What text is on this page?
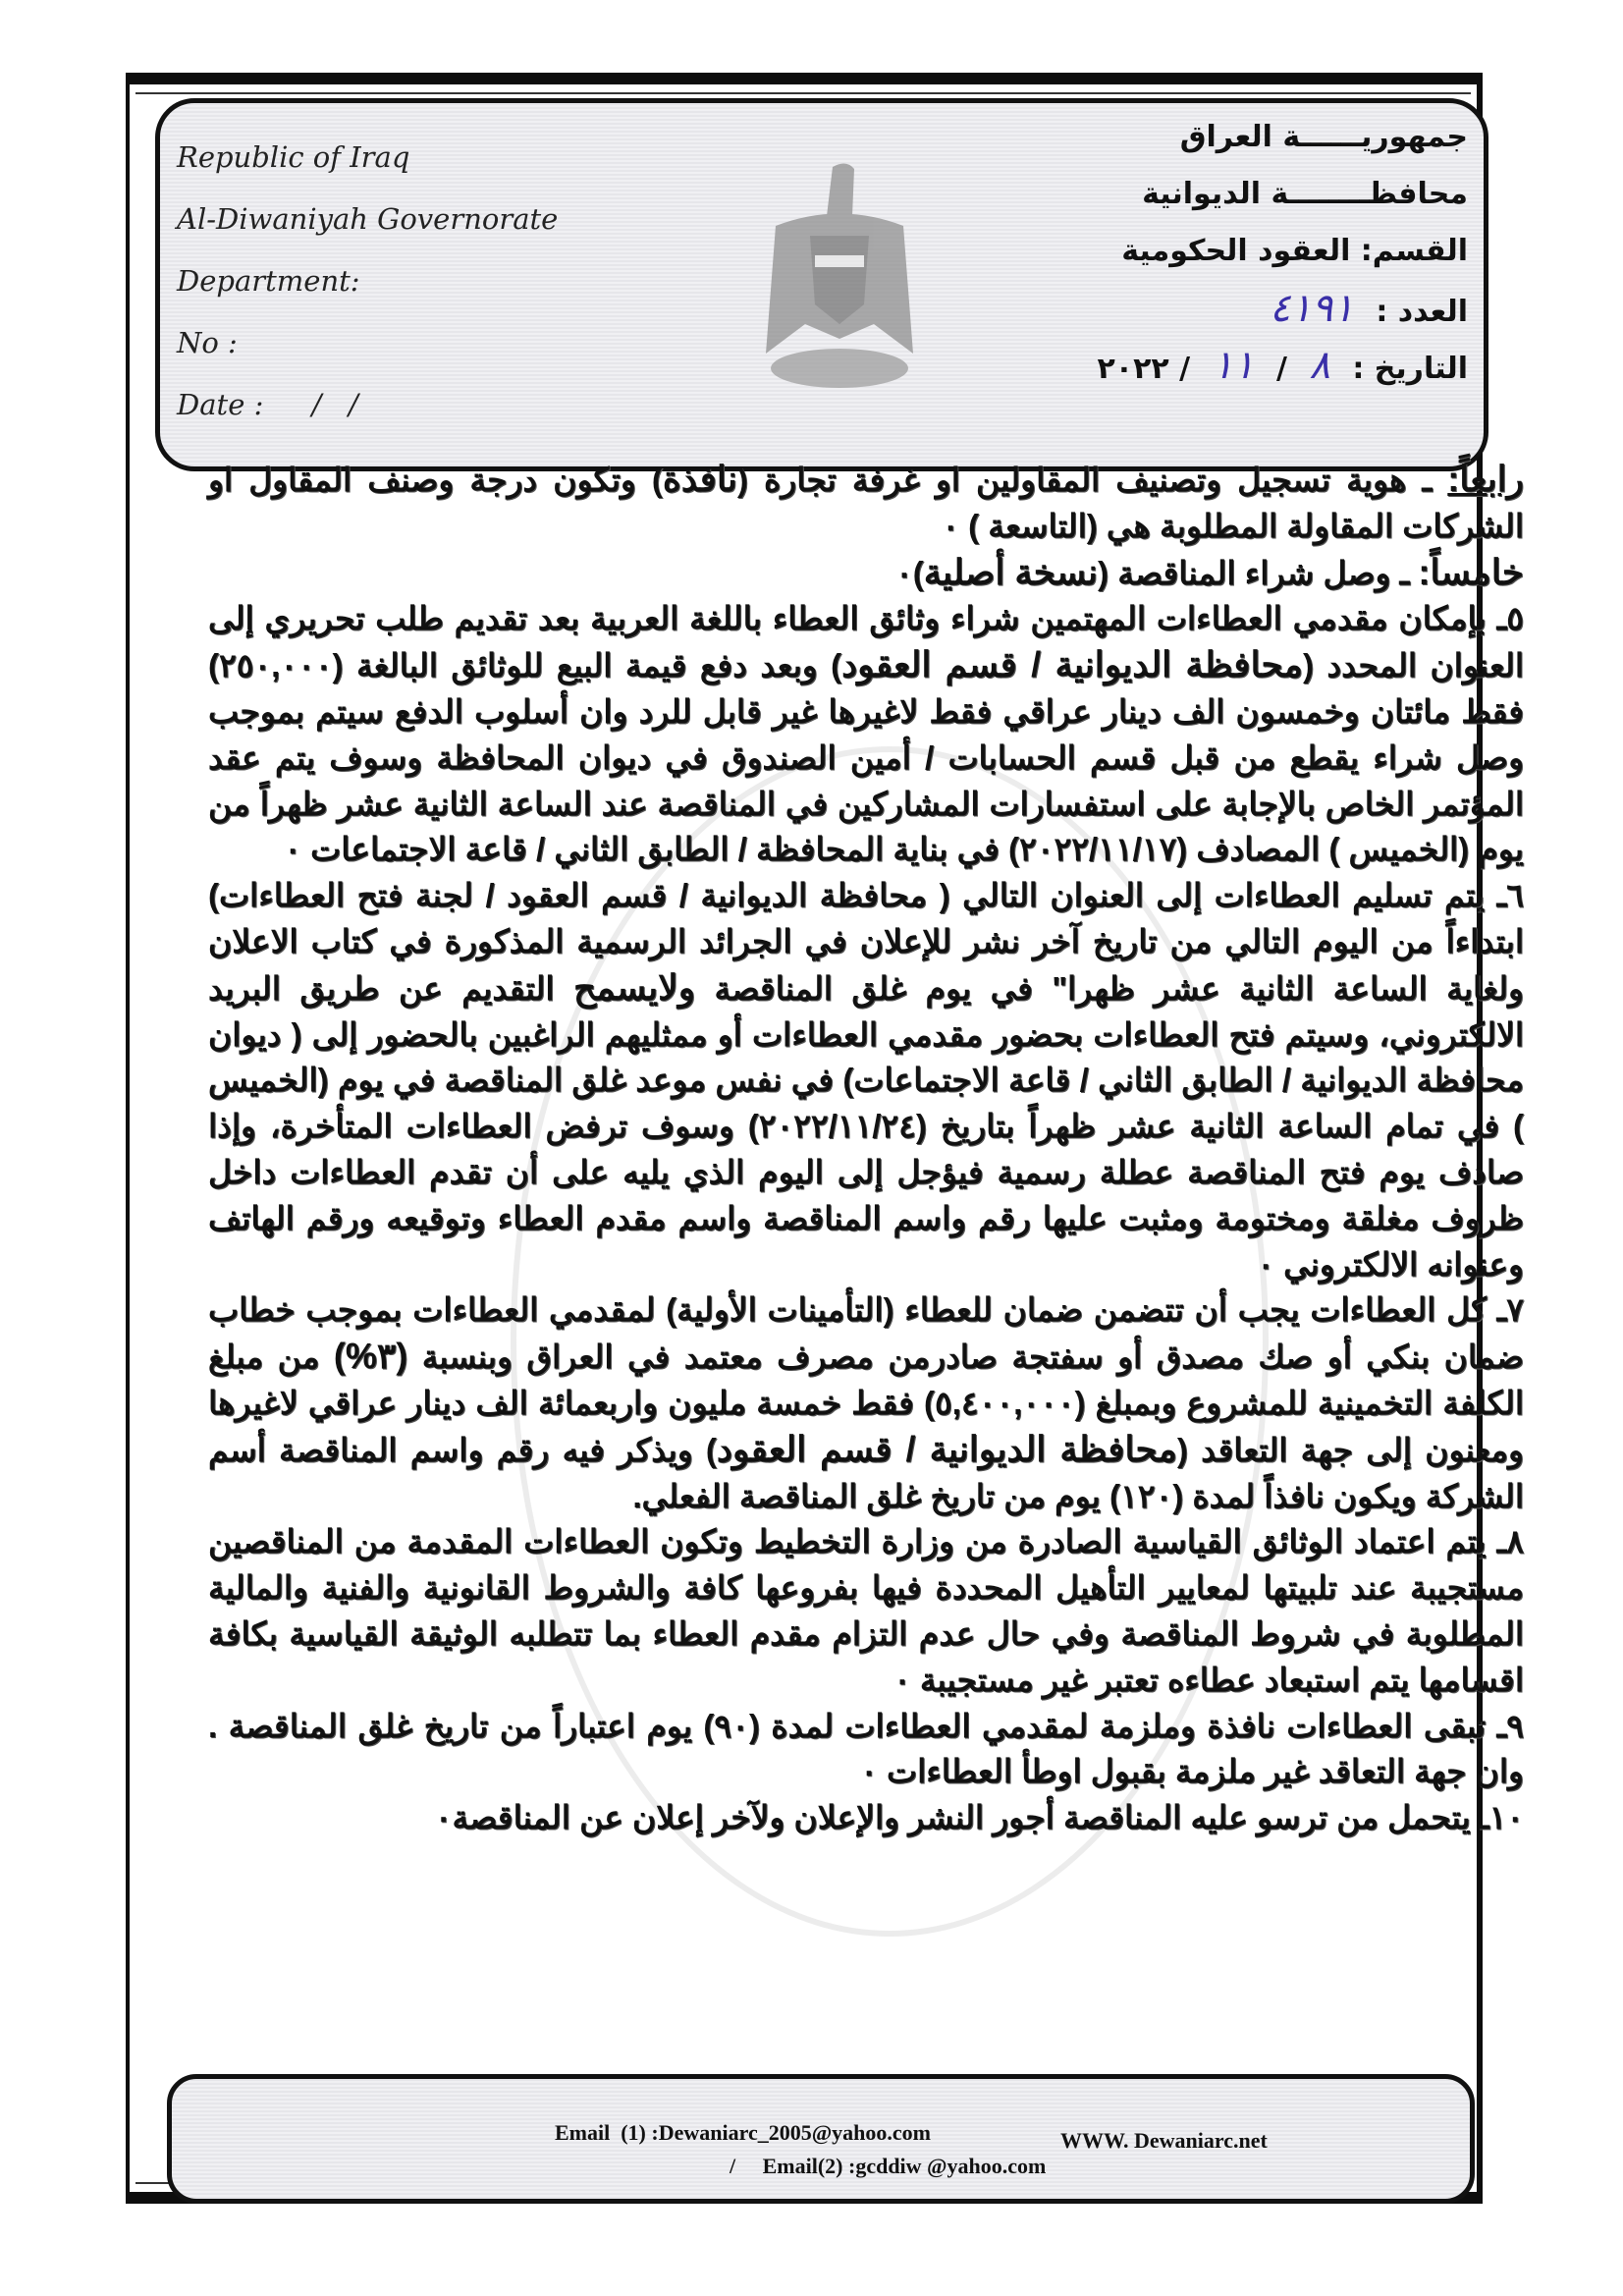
Republic of Iraq
Al-Diwaniyah Governorate
Department:
No :
Date : /   /
جمهوريــــــة العراق
محافظــــــــة الديوانية
القسم: العقود الحكومية
العدد : ٤١٩١
التاريخ : ٨ / ١١ / ٢٠٢٢

رابعاً: ـ هوية تسجيل وتصنيف المقاولين او غرفة تجارة (نافذة) وتكون درجة وصنف المقاول او الشركات المقاولة المطلوبة هي (التاسعة ) ٠

خامساً: ـ وصل شراء المناقصة (نسخة أصلية)٠

٥ـ بإمكان مقدمي العطاءات المهتمين شراء وثائق العطاء باللغة العربية بعد تقديم طلب تحريري إلى العنوان المحدد (محافظة الديوانية / قسم العقود) وبعد دفع قيمة البيع للوثائق البالغة (٢٥٠,٠٠٠) فقط مائتان وخمسون الف دينار عراقي فقط لاغيرها غير قابل للرد وان أسلوب الدفع سيتم بموجب وصل شراء يقطع من قبل قسم الحسابات / أمين الصندوق في ديوان المحافظة وسوف يتم عقد المؤتمر الخاص بالإجابة على استفسارات المشاركين في المناقصة عند الساعة الثانية عشر ظهراً من يوم (الخميس ) المصادف (٢٠٢٢/١١/١٧) في بناية المحافظة / الطابق الثاني / قاعة الاجتماعات ٠

٦ـ يتم تسليم العطاءات إلى العنوان التالي ( محافظة الديوانية / قسم العقود / لجنة فتح العطاءات) ابتداءاً من اليوم التالي من تاريخ آخر نشر للإعلان في الجرائد الرسمية المذكورة في كتاب الاعلان ولغاية الساعة الثانية عشر ظهرا" في يوم غلق المناقصة ولايسمح التقديم عن طريق البريد الالكتروني، وسيتم فتح العطاءات بحضور مقدمي العطاءات أو ممثليهم الراغبين بالحضور إلى ( ديوان محافظة الديوانية / الطابق الثاني / قاعة الاجتماعات) في نفس موعد غلق المناقصة في يوم (الخميس ) في تمام الساعة الثانية عشر ظهراً بتاريخ (٢٠٢٢/١١/٢٤) وسوف ترفض العطاءات المتأخرة، وإذا صادف يوم فتح المناقصة عطلة رسمية فيؤجل إلى اليوم الذي يليه على أن تقدم العطاءات داخل ظروف مغلقة ومختومة ومثبت عليها رقم واسم المناقصة واسم مقدم العطاء وتوقيعه ورقم الهاتف وعنوانه الالكتروني ٠

٧ـ كل العطاءات يجب أن تتضمن ضمان للعطاء (التأمينات الأولية) لمقدمي العطاءات بموجب خطاب ضمان بنكي أو صك مصدق أو سفتجة صادرمن مصرف معتمد في العراق وبنسبة (٣%) من مبلغ الكلفة التخمينية للمشروع وبمبلغ (٥,٤٠٠,٠٠٠) فقط خمسة مليون واربعمائة الف دينار عراقي لاغيرها ومعنون إلى جهة التعاقد (محافظة الديوانية / قسم العقود) ويذكر فيه رقم واسم المناقصة أسم الشركة ويكون نافذاً لمدة (١٢٠) يوم من تاريخ غلق المناقصة الفعلي.

٨ـ يتم اعتماد الوثائق القياسية الصادرة من وزارة التخطيط وتكون العطاءات المقدمة من المناقصين مستجيبة عند تلبيتها لمعايير التأهيل المحددة فيها بفروعها كافة والشروط القانونية والفنية والمالية المطلوبة في شروط المناقصة وفي حال عدم التزام مقدم العطاء بما تتطلبه الوثيقة القياسية بكافة اقسامها يتم استبعاد عطاءه تعتبر غير مستجيبة ٠

٩ـ تبقى العطاءات نافذة وملزمة لمقدمي العطاءات لمدة (٩٠) يوم اعتباراً من تاريخ غلق المناقصة . وان جهة التعاقد غير ملزمة بقبول اوطأ العطاءات ٠

١٠ـ يتحمل من ترسو عليه المناقصة أجور النشر والإعلان ولآخر إعلان عن المناقصة٠

Email  (1) :Dewaniarc_2005@yahoo.com	WWW. Dewaniarc.net
/     Email(2) :gcddiw @yahoo.com
